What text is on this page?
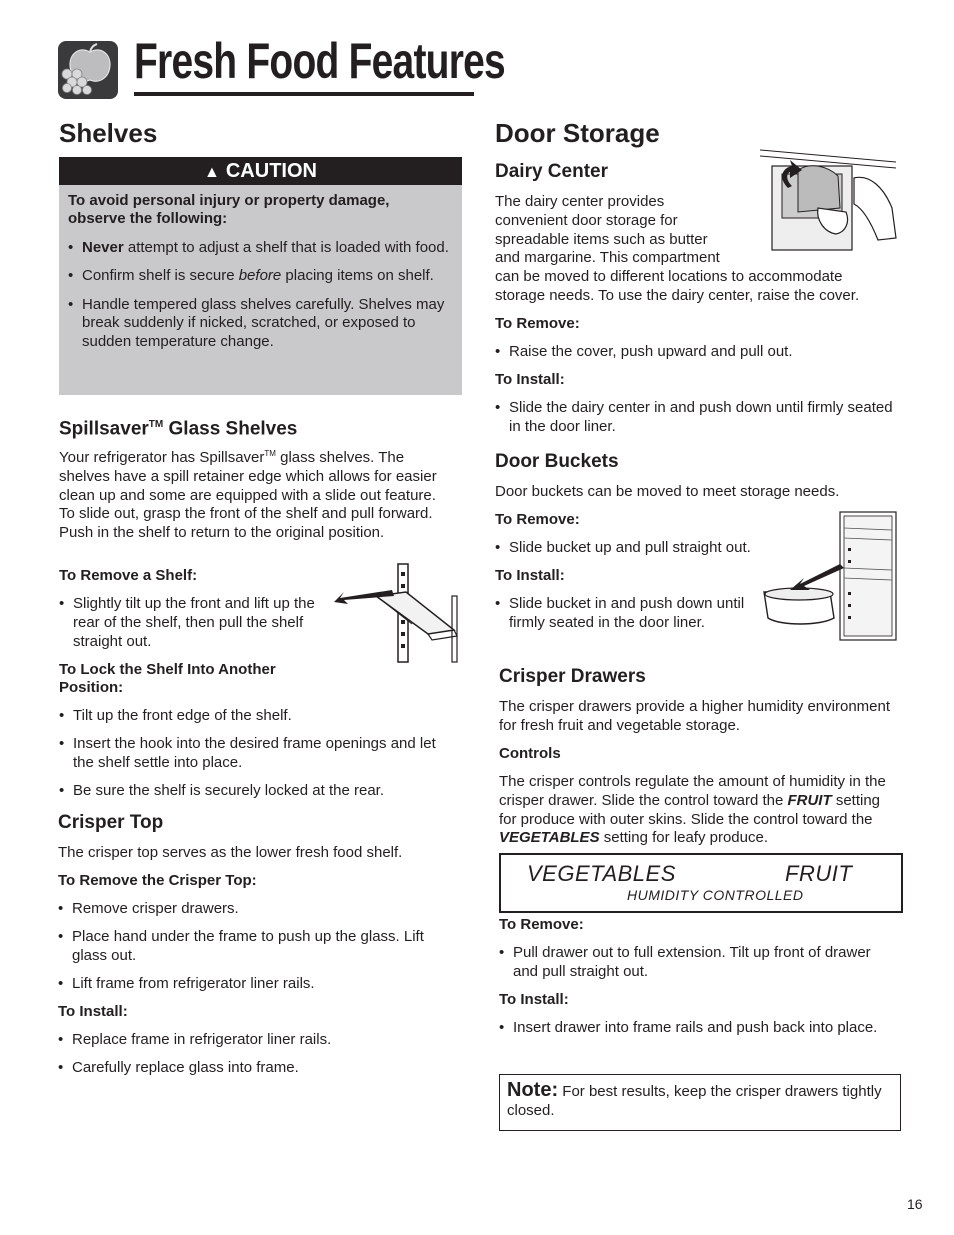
Fresh Food Features
Shelves
▲ CAUTION

To avoid personal injury or property damage, observe the following:

• Never attempt to adjust a shelf that is loaded with food.
• Confirm shelf is secure before placing items on shelf.
• Handle tempered glass shelves carefully. Shelves may break suddenly if nicked, scratched, or exposed to sudden temperature change.
Spillsaver™ Glass Shelves

Your refrigerator has Spillsaver™ glass shelves. The shelves have a spill retainer edge which allows for easier clean up and some are equipped with a slide out feature. To slide out, grasp the front of the shelf and pull forward. Push in the shelf to return to the original position.

To Remove a Shelf:

• Slightly tilt up the front and lift up the rear of the shelf, then pull the shelf straight out.

To Lock the Shelf Into Another Position:

• Tilt up the front edge of the shelf.
• Insert the hook into the desired frame openings and let the shelf settle into place.
• Be sure the shelf is securely locked at the rear.
Crisper Top

The crisper top serves as the lower fresh food shelf.

To Remove the Crisper Top:

• Remove crisper drawers.
• Place hand under the frame to push up the glass. Lift glass out.
• Lift frame from refrigerator liner rails.

To Install:

• Replace frame in refrigerator liner rails.
• Carefully replace glass into frame.
Door Storage
Dairy Center

The dairy center provides

convenient door storage for

spreadable items such as butter

and margarine. This compartment

can be moved to different locations to accommodate storage needs. To use the dairy center, raise the cover.

To Remove:

• Raise the cover, push upward and pull out.

To Install:

• Slide the dairy center in and push down until firmly seated in the door liner.
Door Buckets

Door buckets can be moved to meet storage needs.

To Remove:

• Slide bucket up and pull straight out.

To Install:

• Slide bucket in and push down until firmly seated in the door liner.
Crisper Drawers

The crisper drawers provide a higher humidity environment for fresh fruit and vegetable storage.

Controls

The crisper controls regulate the amount of humidity in the crisper drawer. Slide the control toward the FRUIT setting for produce with outer skins. Slide the control toward the VEGETABLES setting for leafy produce.

VEGETABLES	FRUIT
HUMIDITY CONTROLLED

To Remove:

• Pull drawer out to full extension. Tilt up front of drawer and pull straight out.

To Install:

• Insert drawer into frame rails and push back into place.

Note: For best results, keep the crisper drawers tightly closed.

16
